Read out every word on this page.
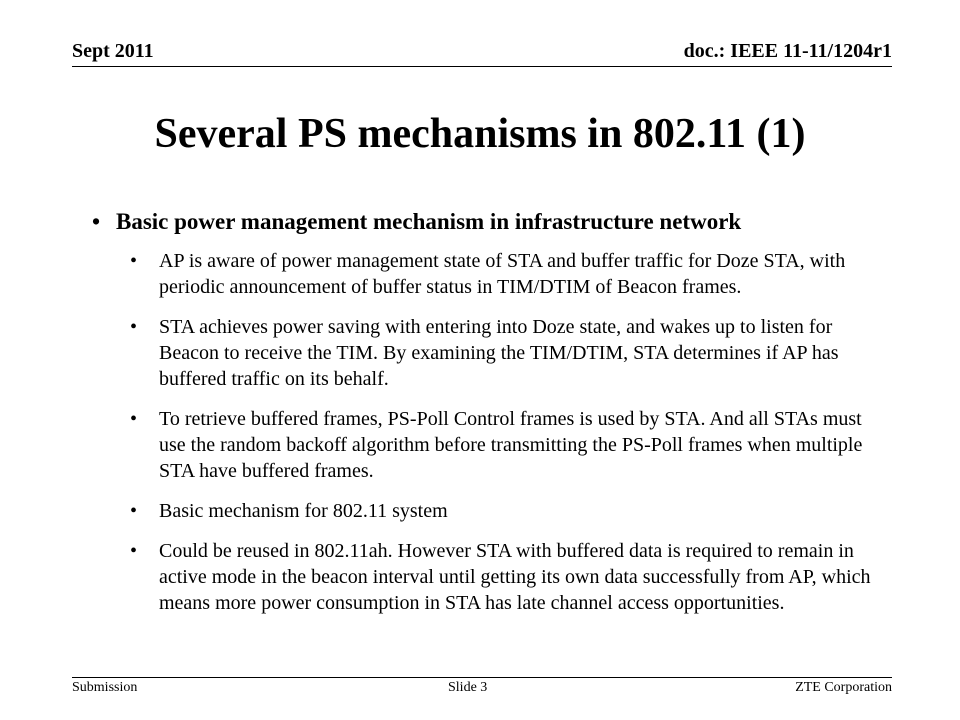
Sept 2011	doc.: IEEE 11-11/1204r1
Several PS mechanisms in 802.11 (1)
• Basic power management mechanism in infrastructure network
•	AP is aware of power management state of STA and buffer traffic for Doze STA, with periodic announcement of buffer status in TIM/DTIM of Beacon frames.
•	STA achieves power saving with entering into Doze state, and wakes up to listen for Beacon to receive the TIM. By examining the TIM/DTIM, STA determines if AP has buffered traffic on its behalf.
•	To retrieve buffered frames, PS-Poll Control frames is used by STA. And all STAs must use the random backoff algorithm before transmitting the PS-Poll frames when multiple STA have buffered frames.
•	Basic mechanism for 802.11 system
•	Could be reused in 802.11ah. However STA with buffered data is required to remain in active mode in the beacon interval until getting its own data successfully from AP, which means more power consumption in STA has late channel access opportunities.
Submission	Slide 3	ZTE Corporation
